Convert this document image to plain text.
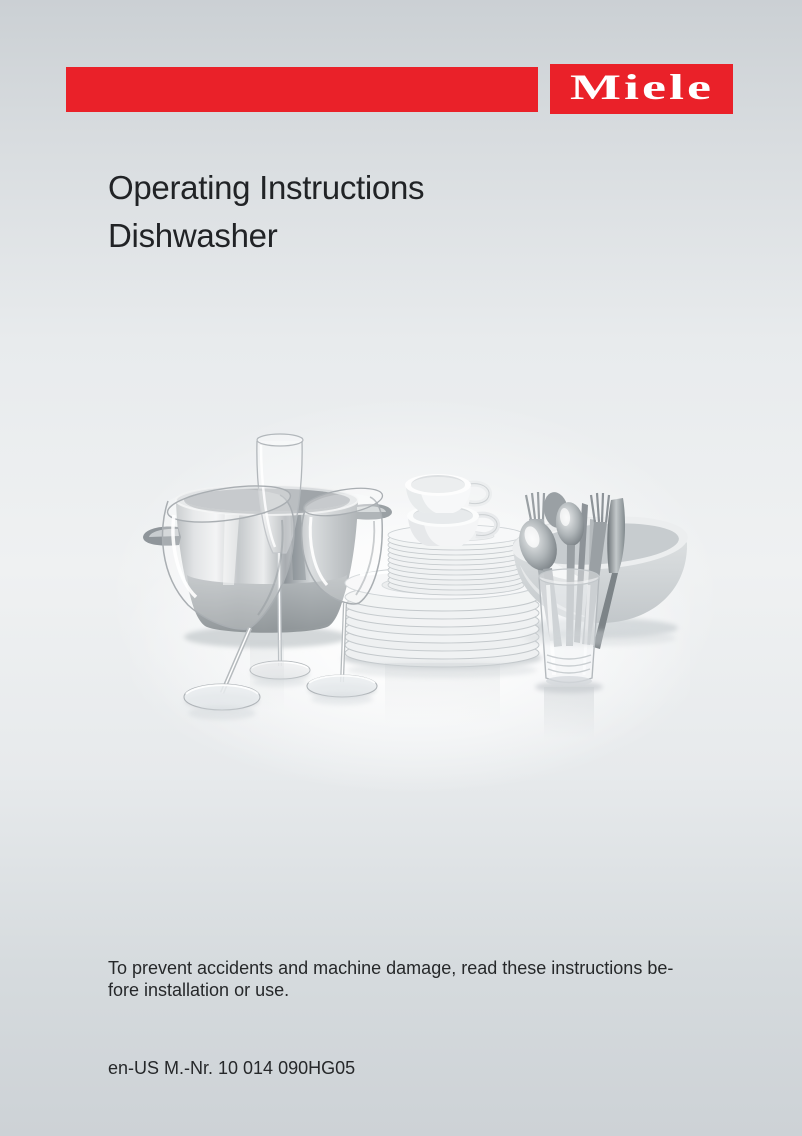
Miele
Operating Instructions
Dishwasher
To prevent accidents and machine damage, read these instructions be-
fore installation or use.
en-US M.-Nr. 10 014 090HG05
